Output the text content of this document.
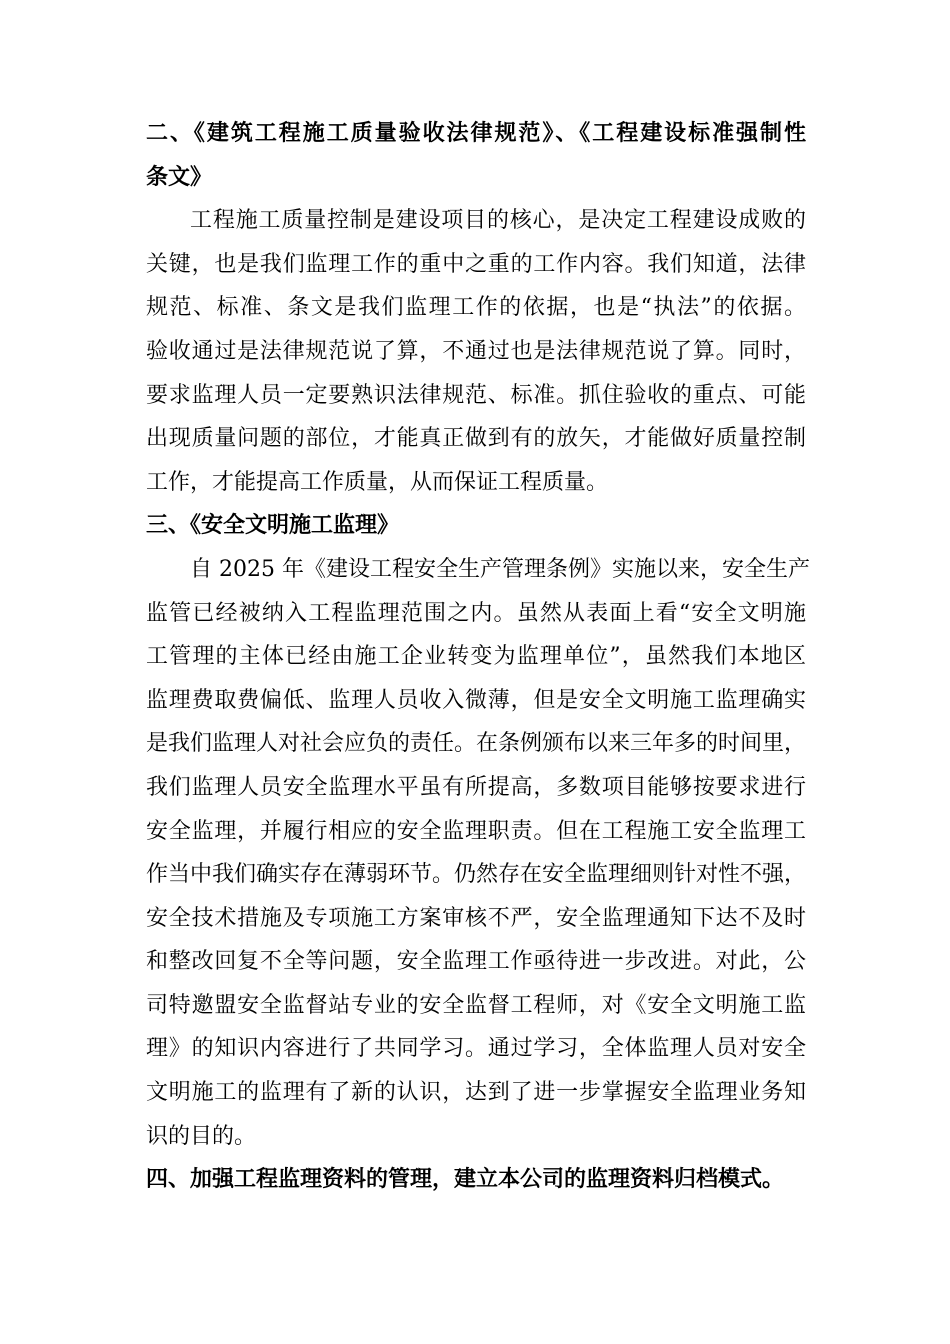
二、《建筑工程施工质量验收法律规范》、《工程建设标准强制性
条文》
工程施工质量控制是建设项目的核心，是决定工程建设成败的
关键，也是我们监理工作的重中之重的工作内容。我们知道，法律
规范、标准、条文是我们监理工作的依据，也是“执法”的依据。
验收通过是法律规范说了算，不通过也是法律规范说了算。同时，
要求监理人员一定要熟识法律规范、标准。抓住验收的重点、可能
出现质量问题的部位，才能真正做到有的放矢，才能做好质量控制
工作，才能提高工作质量，从而保证工程质量。
三、《安全文明施工监理》
自 2025 年《建设工程安全生产管理条例》实施以来，安全生产
监管已经被纳入工程监理范围之内。虽然从表面上看“安全文明施
工管理的主体已经由施工企业转变为监理单位”，虽然我们本地区
监理费取费偏低、监理人员收入微薄，但是安全文明施工监理确实
是我们监理人对社会应负的责任。在条例颁布以来三年多的时间里，
我们监理人员安全监理水平虽有所提高，多数项目能够按要求进行
安全监理，并履行相应的安全监理职责。但在工程施工安全监理工
作当中我们确实存在薄弱环节。仍然存在安全监理细则针对性不强，
安全技术措施及专项施工方案审核不严，安全监理通知下达不及时
和整改回复不全等问题，安全监理工作亟待进一步改进。对此，公
司特邀盟安全监督站专业的安全监督工程师，对《安全文明施工监
理》的知识内容进行了共同学习。通过学习，全体监理人员对安全
文明施工的监理有了新的认识，达到了进一步掌握安全监理业务知
识的目的。
四、加强工程监理资料的管理，建立本公司的监理资料归档模式。
